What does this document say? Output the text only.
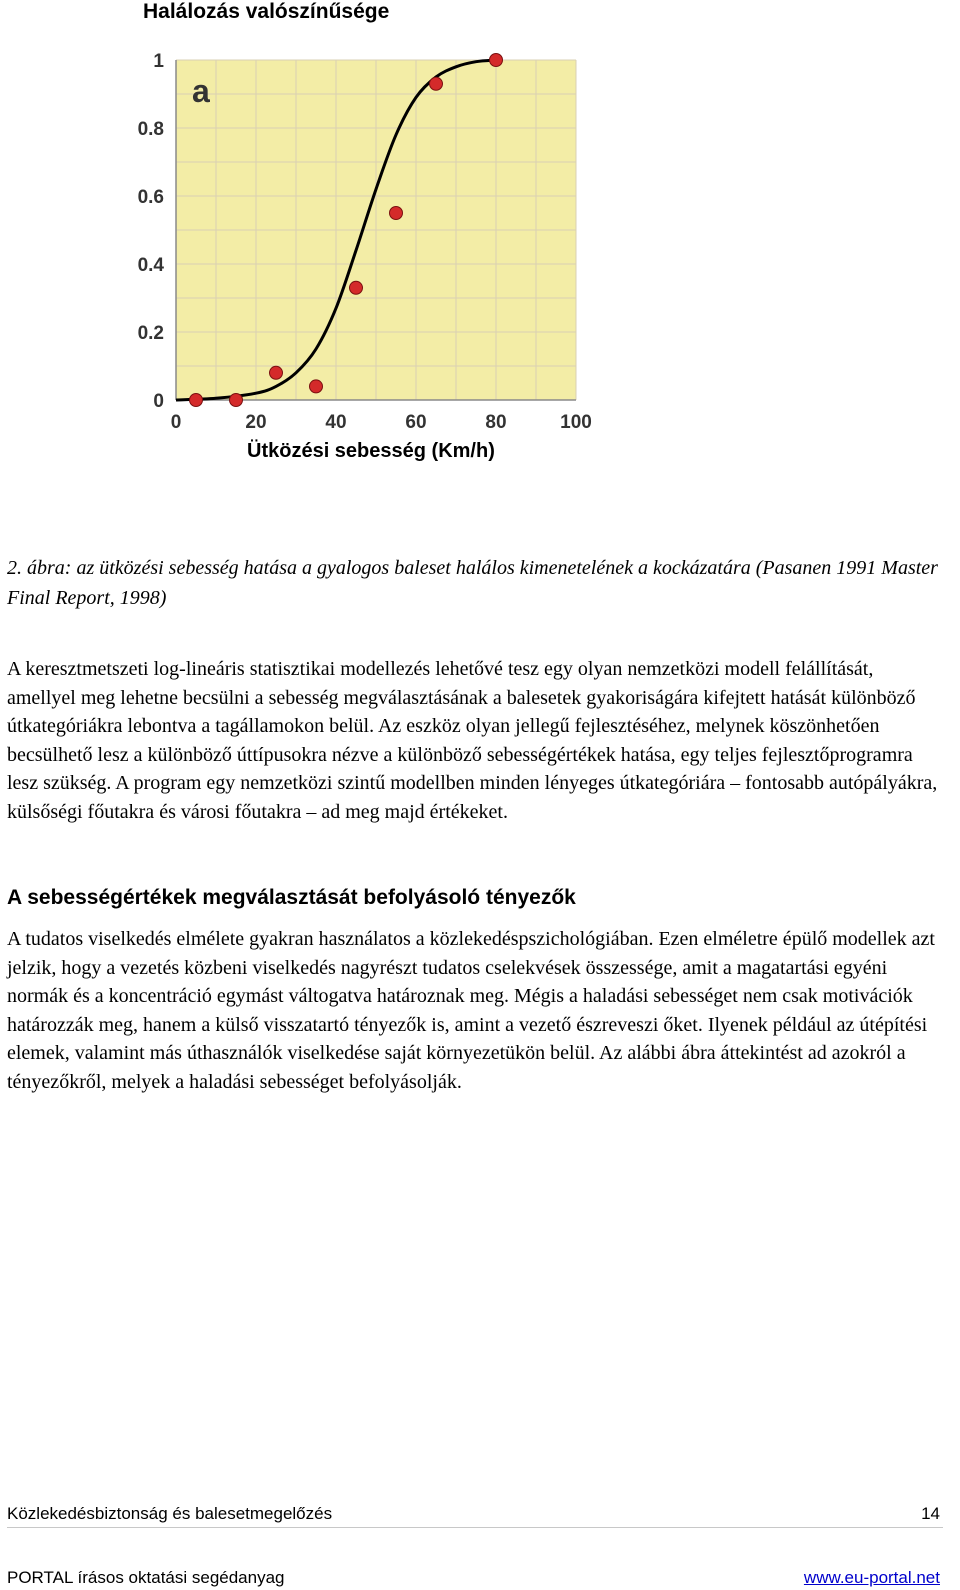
Halálozás valószínűsége
0
0.2
0.4
0.6
0.8
1
0	20	40	60	80	100
a
Ütközési sebesség (Km/h)
2. ábra: az ütközési sebesség hatása a gyalogos baleset halálos kimenetelének a kockázatára (Pasanen 1991 Master Final Report, 1998)
A keresztmetszeti log-lineáris statisztikai modellezés lehetővé tesz egy olyan nemzetközi modell felállítását, amellyel meg lehetne becsülni a sebesség megválasztásának a balesetek gyakoriságára kifejtett hatását különböző útkategóriákra lebontva a tagállamokon belül. Az eszköz olyan jellegű fejlesztéséhez, melynek köszönhetően becsülhető lesz a különböző úttípusokra nézve a különböző sebességértékek hatása, egy teljes fejlesztőprogramra lesz szükség. A program egy nemzetközi szintű modellben minden lényeges útkategóriára – fontosabb autópályákra, külsőségi főutakra és városi főutakra – ad meg majd értékeket.
A sebességértékek megválasztását befolyásoló tényezők
A tudatos viselkedés elmélete gyakran használatos a közlekedéspszichológiában. Ezen elméletre épülő modellek azt jelzik, hogy a vezetés közbeni viselkedés nagyrészt tudatos cselekvések összessége, amit a magatartási egyéni normák és a koncentráció egymást váltogatva határoznak meg. Mégis a haladási sebességet nem csak motivációk határozzák meg, hanem a külső visszatartó tényezők is, amint a vezető észreveszi őket. Ilyenek például az útépítési elemek, valamint más úthasználók viselkedése saját környezetükön belül. Az alábbi ábra áttekintést ad azokról a tényezőkről, melyek a haladási sebességet befolyásolják.
Közlekedésbiztonság és balesetmegelőzés	14
PORTAL írásos oktatási segédanyag	www.eu-portal.net
